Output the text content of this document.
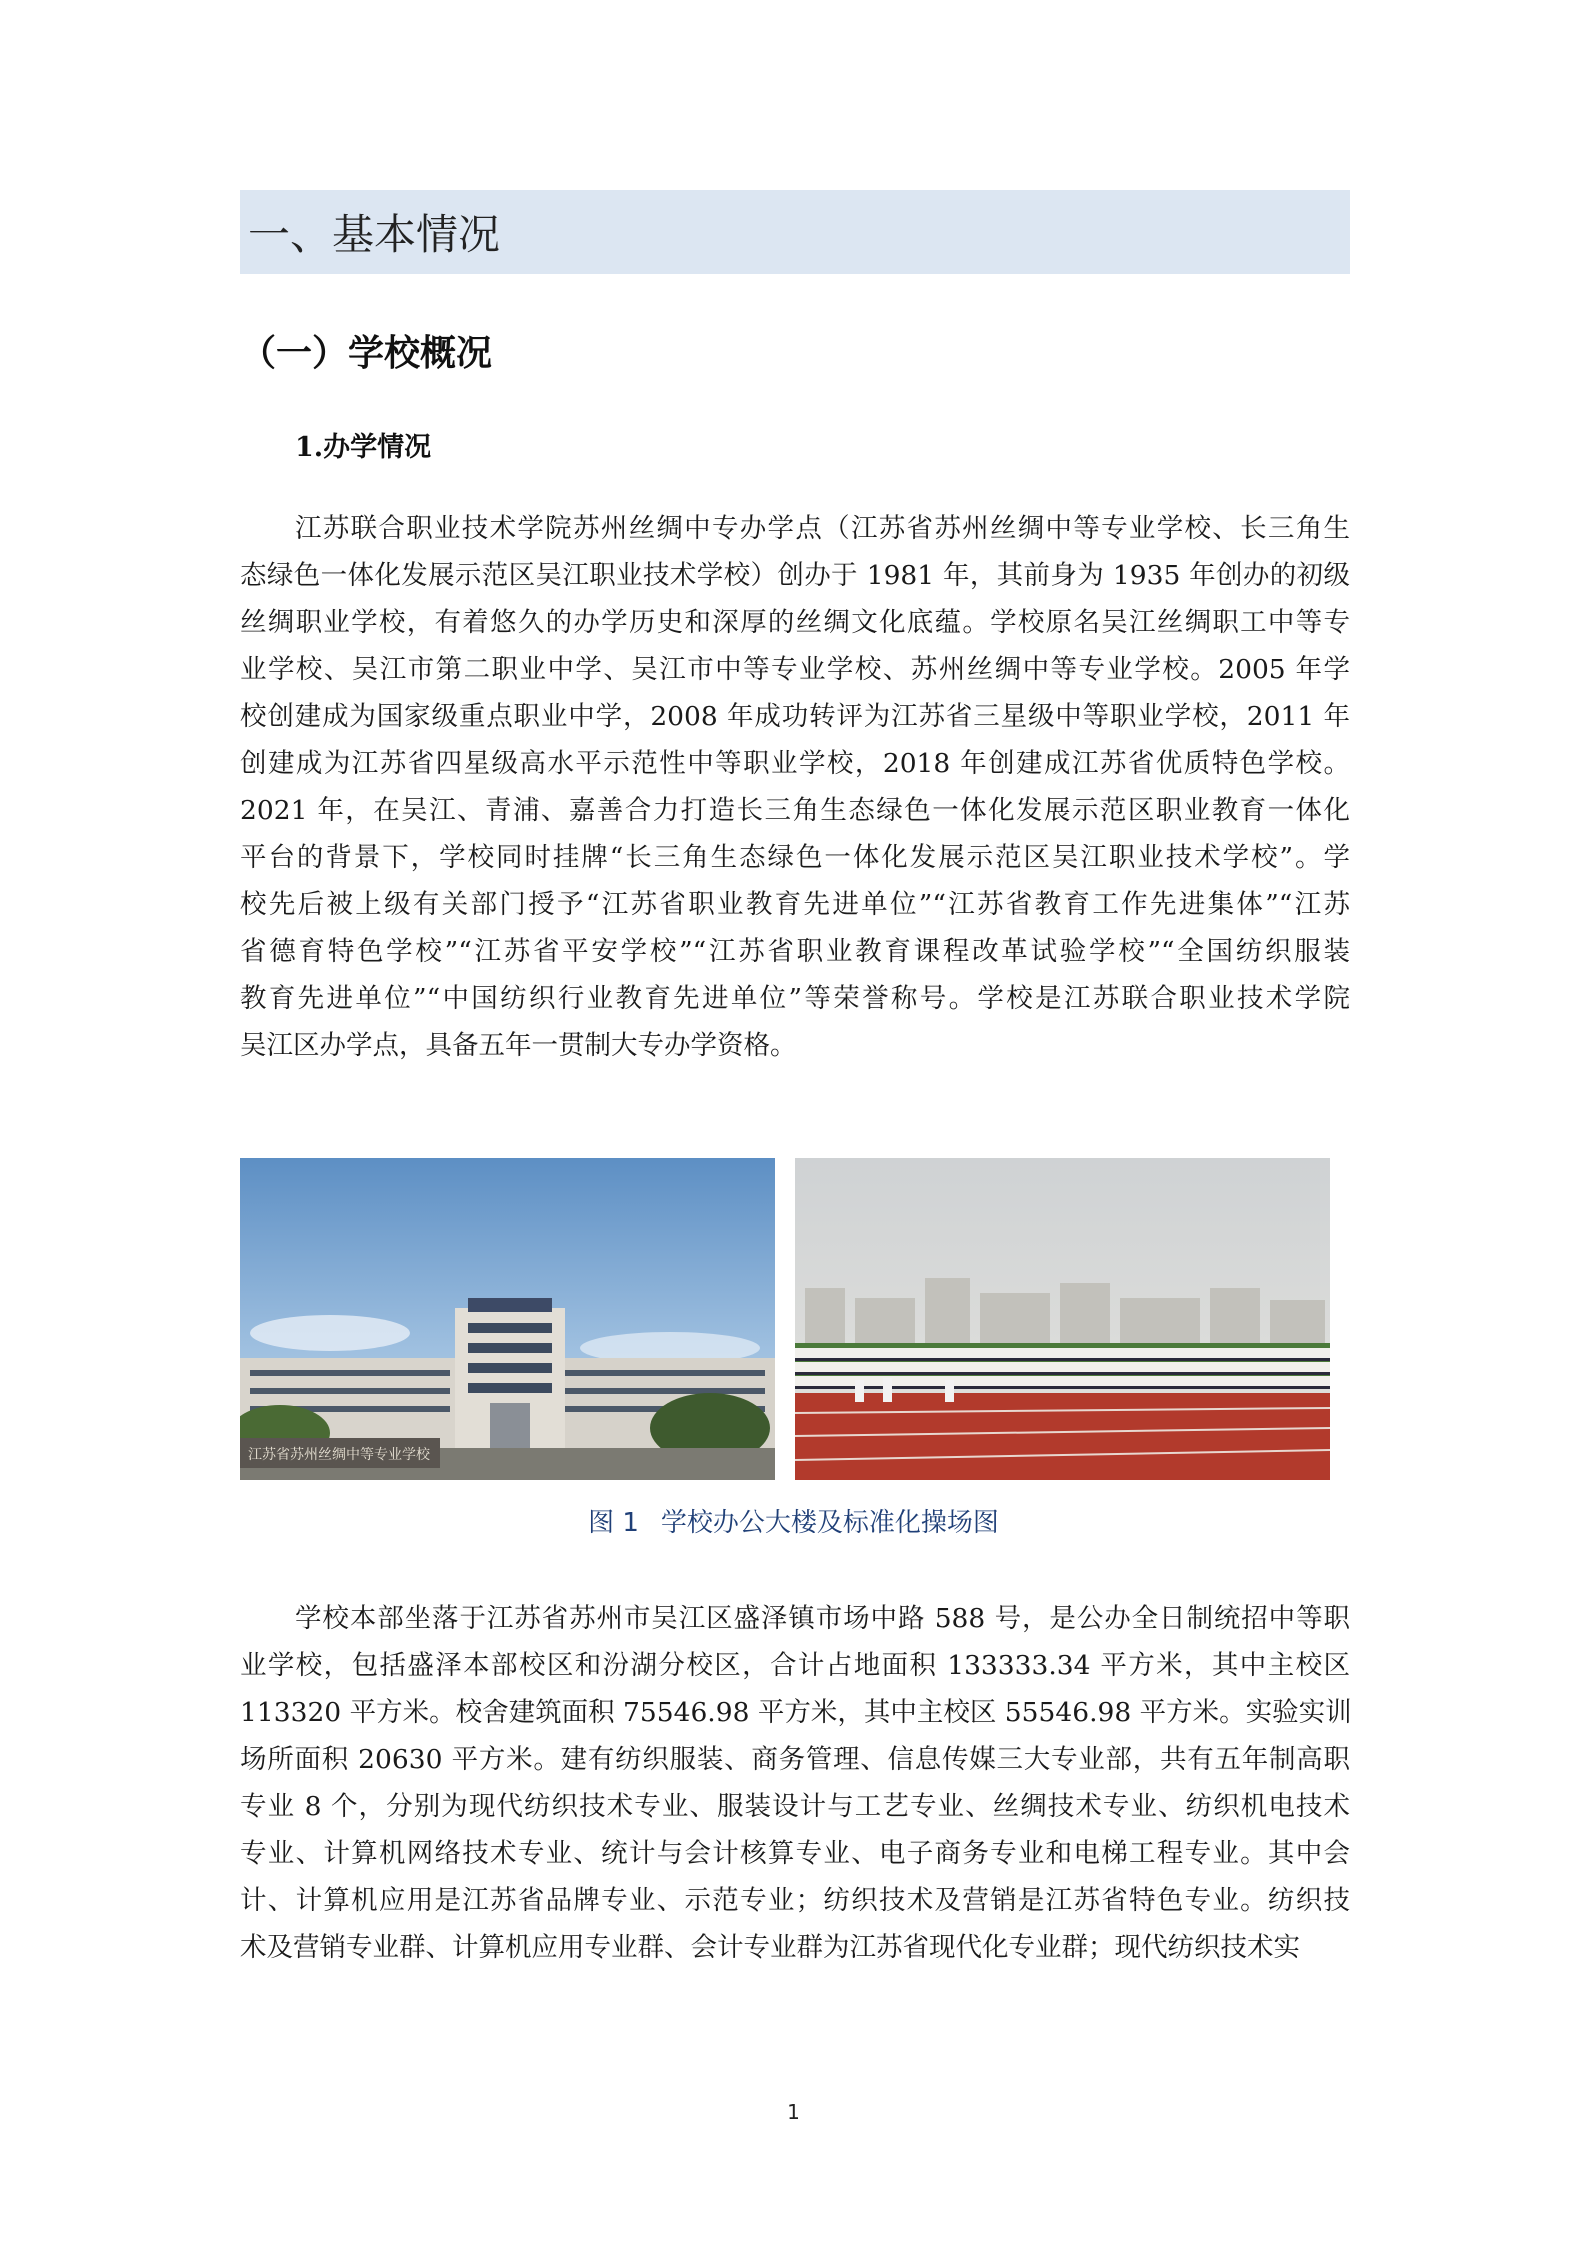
一、基本情况
（一）学校概况
1.办学情况
江苏联合职业技术学院苏州丝绸中专办学点（江苏省苏州丝绸中等专业学校、长三角生
态绿色一体化发展示范区吴江职业技术学校）创办于 1981 年，其前身为 1935 年创办的初级
丝绸职业学校，有着悠久的办学历史和深厚的丝绸文化底蕴。学校原名吴江丝绸职工中等专
业学校、吴江市第二职业中学、吴江市中等专业学校、苏州丝绸中等专业学校。2005 年学
校创建成为国家级重点职业中学，2008 年成功转评为江苏省三星级中等职业学校，2011 年
创建成为江苏省四星级高水平示范性中等职业学校，2018 年创建成江苏省优质特色学校。
2021 年，在吴江、青浦、嘉善合力打造长三角生态绿色一体化发展示范区职业教育一体化
平台的背景下，学校同时挂牌“长三角生态绿色一体化发展示范区吴江职业技术学校”。学
校先后被上级有关部门授予“江苏省职业教育先进单位”“江苏省教育工作先进集体”“江苏
省德育特色学校”“江苏省平安学校”“江苏省职业教育课程改革试验学校”“全国纺织服装
教育先进单位”“中国纺织行业教育先进单位”等荣誉称号。学校是江苏联合职业技术学院
吴江区办学点，具备五年一贯制大专办学资格。
江苏省苏州丝绸中等专业学校
图 1 学校办公大楼及标准化操场图
学校本部坐落于江苏省苏州市吴江区盛泽镇市场中路 588 号，是公办全日制统招中等职
业学校，包括盛泽本部校区和汾湖分校区，合计占地面积 133333.34 平方米，其中主校区
113320 平方米。校舍建筑面积 75546.98 平方米，其中主校区 55546.98 平方米。实验实训
场所面积 20630 平方米。建有纺织服装、商务管理、信息传媒三大专业部，共有五年制高职
专业 8 个，分别为现代纺织技术专业、服装设计与工艺专业、丝绸技术专业、纺织机电技术
专业、计算机网络技术专业、统计与会计核算专业、电子商务专业和电梯工程专业。其中会
计、计算机应用是江苏省品牌专业、示范专业；纺织技术及营销是江苏省特色专业。纺织技
术及营销专业群、计算机应用专业群、会计专业群为江苏省现代化专业群；现代纺织技术实
1
